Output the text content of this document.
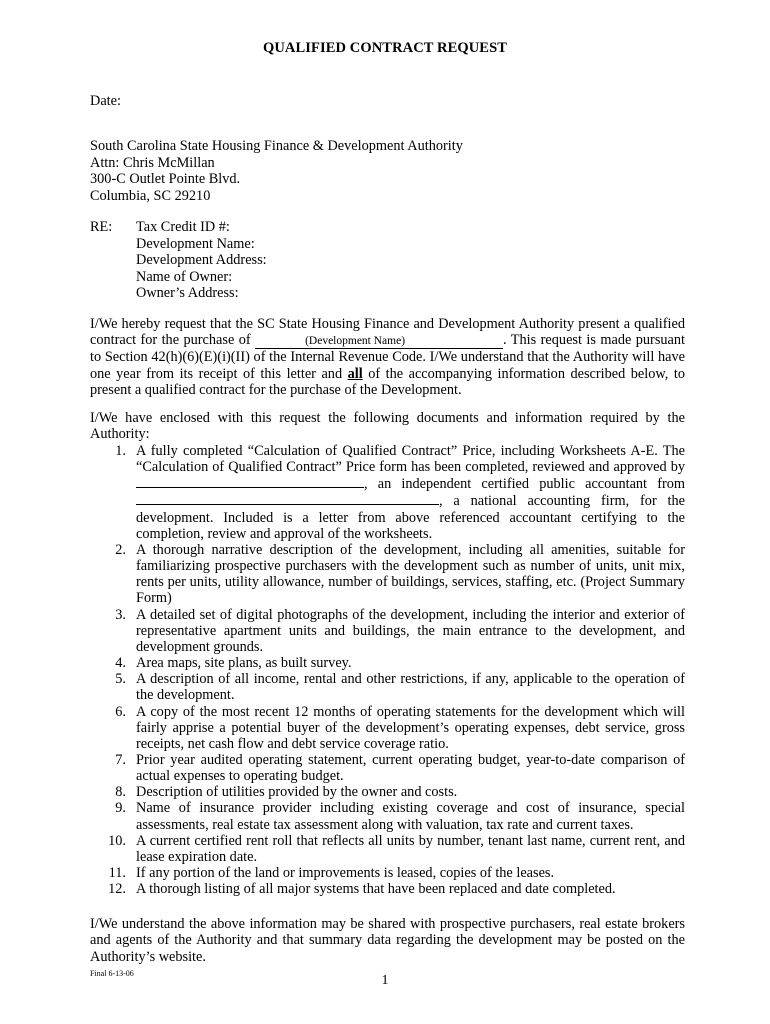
QUALIFIED CONTRACT REQUEST
Date:
South Carolina State Housing Finance & Development Authority
Attn: Chris McMillan
300-C Outlet Pointe Blvd.
Columbia, SC 29210
RE: Tax Credit ID #:
Development Name:
Development Address:
Name of Owner:
Owner’s Address:
I/We hereby request that the SC State Housing Finance and Development Authority present a qualified contract for the purchase of	(Development Name)	. This request is made pursuant to Section 42(h)(6)(E)(i)(II) of the Internal Revenue Code. I/We understand that the Authority will have one year from its receipt of this letter and all of the accompanying information described below, to present a qualified contract for the purchase of the Development.
I/We have enclosed with this request the following documents and information required by the Authority:
1. A fully completed “Calculation of Qualified Contract” Price, including Worksheets A-E. The “Calculation of Qualified Contract” Price form has been completed, reviewed and approved by , an independent certified public accountant from , a national accounting firm, for the development. Included is a letter from above referenced accountant certifying to the completion, review and approval of the worksheets.
2. A thorough narrative description of the development, including all amenities, suitable for familiarizing prospective purchasers with the development such as number of units, unit mix, rents per units, utility allowance, number of buildings, services, staffing, etc. (Project Summary Form)
3. A detailed set of digital photographs of the development, including the interior and exterior of representative apartment units and buildings, the main entrance to the development, and development grounds.
4. Area maps, site plans, as built survey.
5. A description of all income, rental and other restrictions, if any, applicable to the operation of the development.
6. A copy of the most recent 12 months of operating statements for the development which will fairly apprise a potential buyer of the development’s operating expenses, debt service, gross receipts, net cash flow and debt service coverage ratio.
7. Prior year audited operating statement, current operating budget, year-to-date comparison of actual expenses to operating budget.
8. Description of utilities provided by the owner and costs.
9. Name of insurance provider including existing coverage and cost of insurance, special assessments, real estate tax assessment along with valuation, tax rate and current taxes.
10. A current certified rent roll that reflects all units by number, tenant last name, current rent, and lease expiration date.
11. If any portion of the land or improvements is leased, copies of the leases.
12. A thorough listing of all major systems that have been replaced and date completed.
I/We understand the above information may be shared with prospective purchasers, real estate brokers and agents of the Authority and that summary data regarding the development may be posted on the Authority’s website.
Final 6-13-06	1
